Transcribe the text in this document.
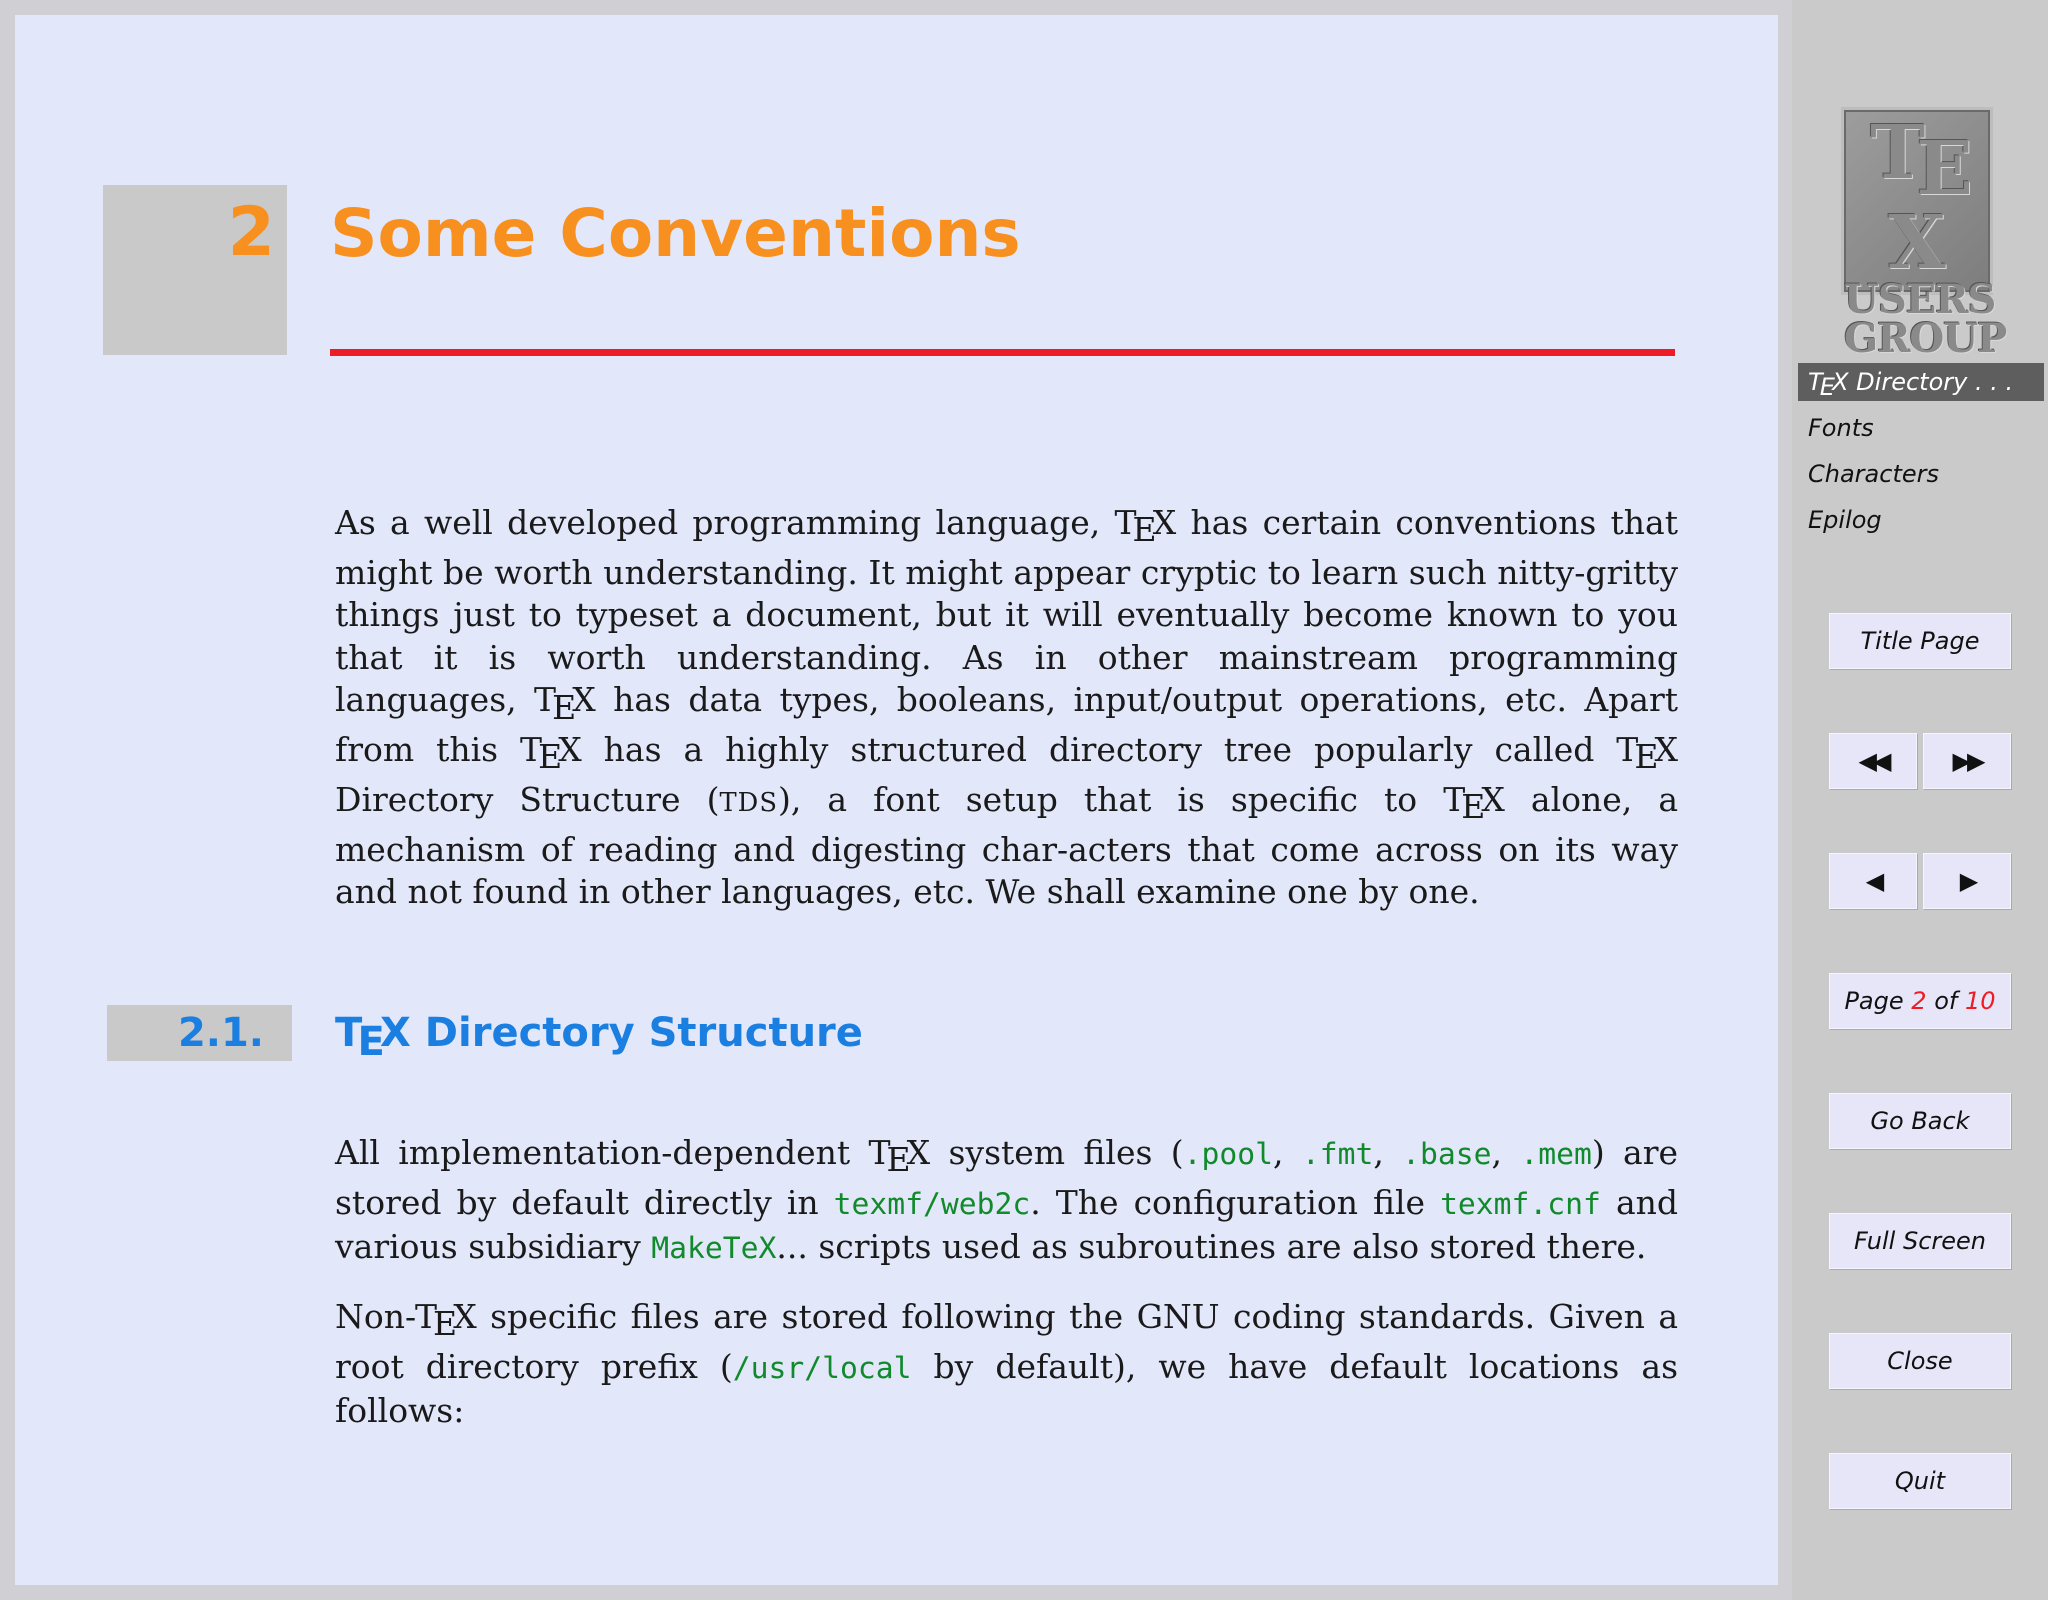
2 Some Conventions

As a well developed programming language, TEX has certain conventions that might be worth understanding. It might appear cryptic to learn such nitty-gritty things just to typeset a document, but it will eventually become known to you that it is worth understanding. As in other mainstream programming languages, TEX has data types, booleans, input/output operations, etc. Apart from this TEX has a highly structured directory tree popularly called TEX Directory Structure (TDS), a font setup that is specific to TEX alone, a mechanism of reading and digesting char-acters that come across on its way and not found in other languages, etc. We shall examine one by one.

2.1. TEX Directory Structure

All implementation-dependent TEX system files (.pool, .fmt, .base, .mem) are stored by default directly in texmf/web2c. The configuration file texmf.cnf and various subsidiary MakeTeX... scripts used as subroutines are also stored there.

Non-TEX specific files are stored following the GNU coding standards. Given a root directory prefix (/usr/local by default), we have default locations as follows:

TEX
USERS
GROUP
TEX Directory . . .
Fonts
Characters
Epilog
Title Page
◀◀	▶▶
◀	▶
Page
2
of
10
Go Back
Full Screen
Close
Quit
